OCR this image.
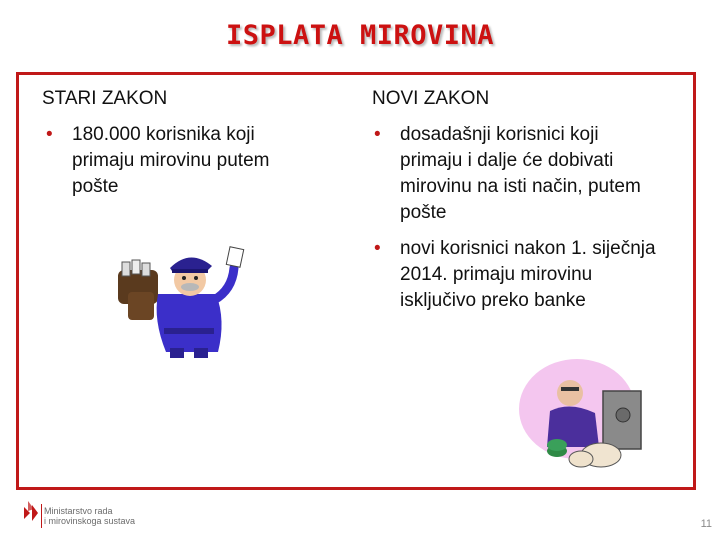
ISPLATA MIROVINA
STARI ZAKON
• 180.000 korisnika koji primaju mirovinu putem pošte
NOVI ZAKON
• dosadašnji korisnici koji primaju i dalje će dobivati mirovinu na isti način, putem pošte
• novi korisnici nakon 1. siječnja 2014. primaju mirovinu isključivo preko banke
Ministarstvo rada
i mirovinskoga sustava	11
